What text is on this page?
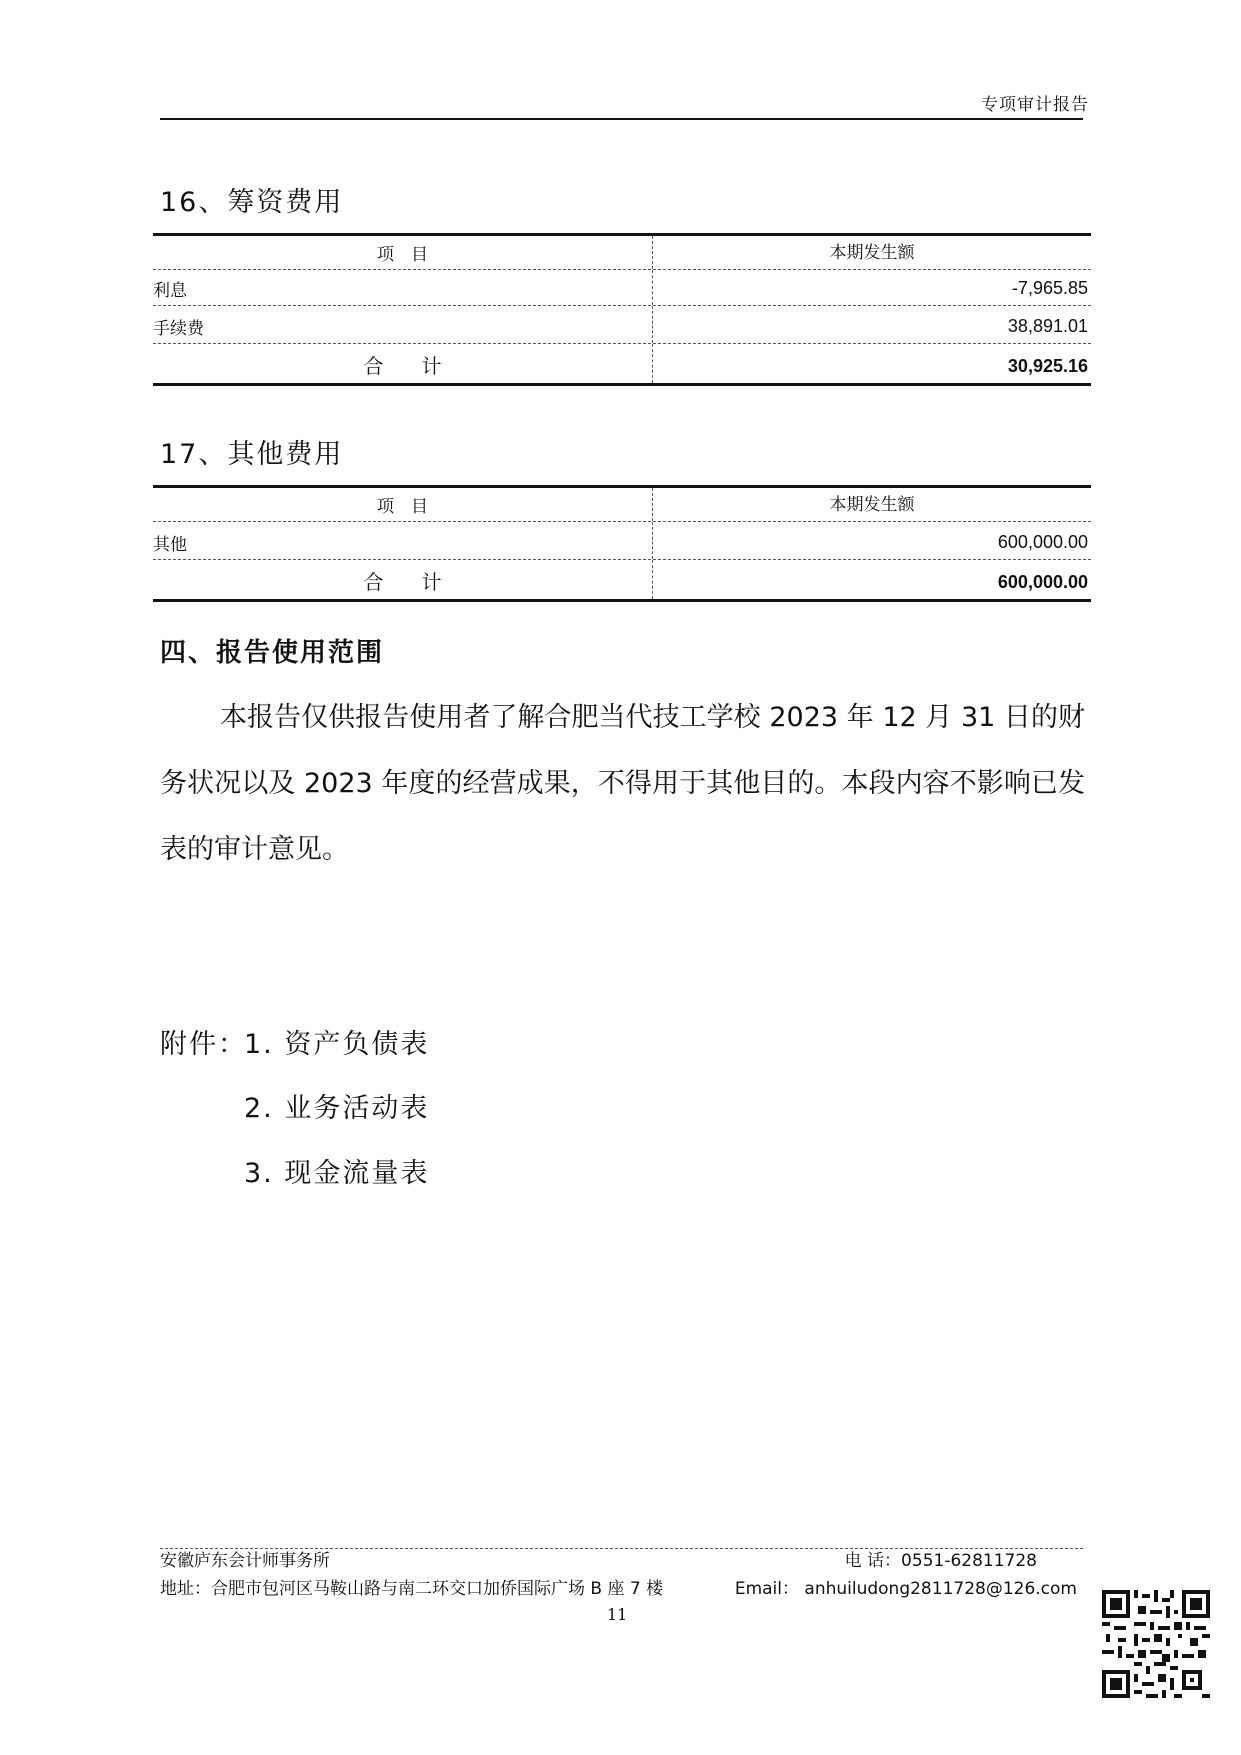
专项审计报告
16、筹资费用
项　目	本期发生额
利息	-7,965.85
手续费	38,891.01
合计	30,925.16
17、其他费用
项　目	本期发生额
其他	600,000.00
合计	600,000.00
四、报告使用范围
本报告仅供报告使用者了解合肥当代技工学校 2023 年 12 月 31 日的财务状况以及 2023 年度的经营成果，不得用于其他目的。本段内容不影响已发表的审计意见。
附件：
1. 资产负债表
2. 业务活动表
3. 现金流量表
安徽庐东会计师事务所
地址：合肥市包河区马鞍山路与南二环交口加侨国际广场 B 座 7 楼
电 话：0551-62811728
Email： anhuiludong2811728@126.com
11
